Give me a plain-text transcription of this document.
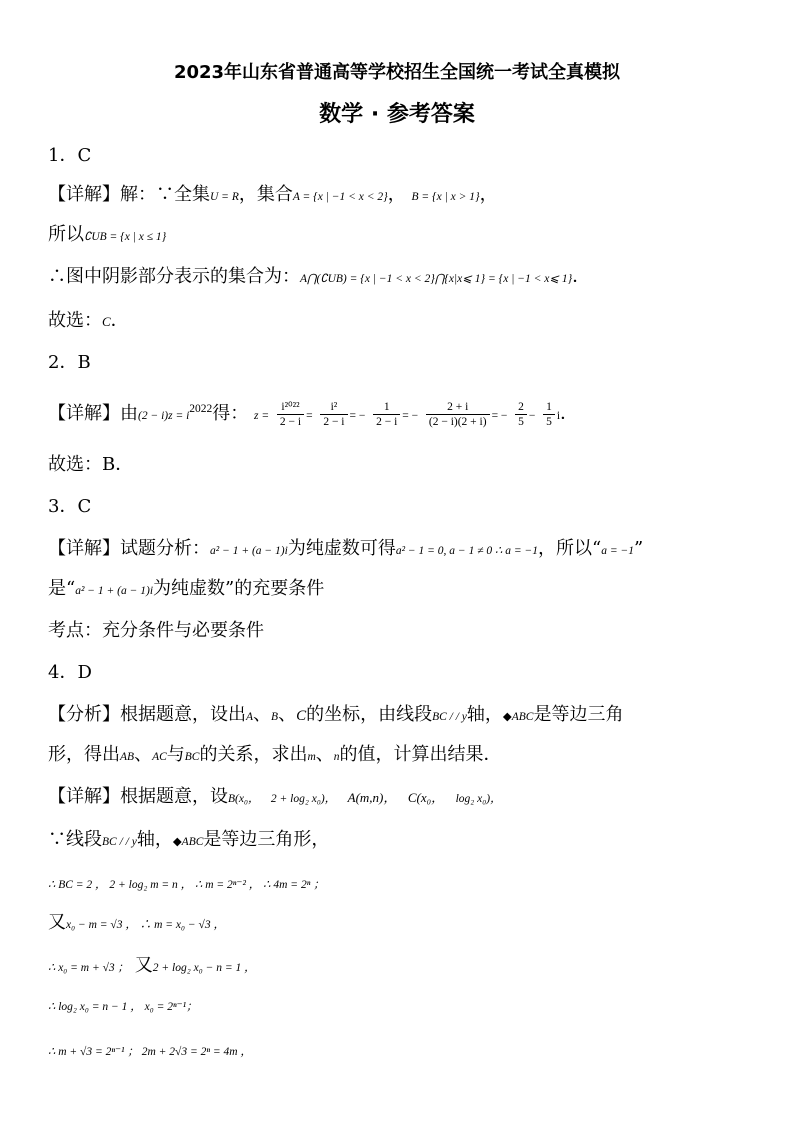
2023年山东省普通高等学校招生全国统一考试全真模拟
数学 · 参考答案
1．C
【详解】解：∵全集U = R，集合A = {x | −1 < x < 2}， B = {x | x > 1}，
所以∁UB = {x | x ≤ 1}
∴图中阴影部分表示的集合为：A⋂(∁UB) = {x | −1 < x < 2}⋂{x|x⩽ 1} = {x | −1 < x⩽ 1}．
故选：C．
2．B
【详解】由$(2 - i)z = i^{2022}$得： $z = \frac{\text{i²⁰²²}}{2 - i} = \frac{\text{i²}}{2 - i}$ = − $\frac{1}{2 - i}$ = − $\frac{2 + i}{(2 - i)(2 + i)}$ = − $\frac{2}{5} - \frac{1}{5}$ i．
故选：B．
3．C
【详解】试题分析：a² − 1 + (a − 1)i为纯虚数可得a² − 1 = 0, a − 1 ≠ 0 ∴ a = −1，所以“a = −1”
是“a² − 1 + (a − 1)i为纯虚数”的充要条件
考点：充分条件与必要条件
4．D
【分析】根据题意，设出A、B、C的坐标，由线段BC / / y轴，◆ABC是等边三角
形，得出AB、AC与BC的关系，求出m、n的值，计算出结果．
【详解】根据题意，设B(x₀， 2 + log₂ x₀)， A(m,n)， C(x₀， log₂ x₀)，
∵线段BC / / y轴，◆ABC是等边三角形，
∴ BC = 2 ， 2 + log₂ m = n ， ∴ m = 2ⁿ⁻² ， ∴ 4m = 2ⁿ ；
又x₀ − m = √3 ， ∴ m = x₀ − √3 ，
∴ x₀ = m + √3 ； 又2 + log₂ x₀ − n = 1 ，
∴ log₂ x₀ = n − 1 ， x₀ = 2ⁿ⁻¹；
∴ m + √3 = 2ⁿ⁻¹ ； 2m + 2√3 = 2ⁿ = 4m ，
